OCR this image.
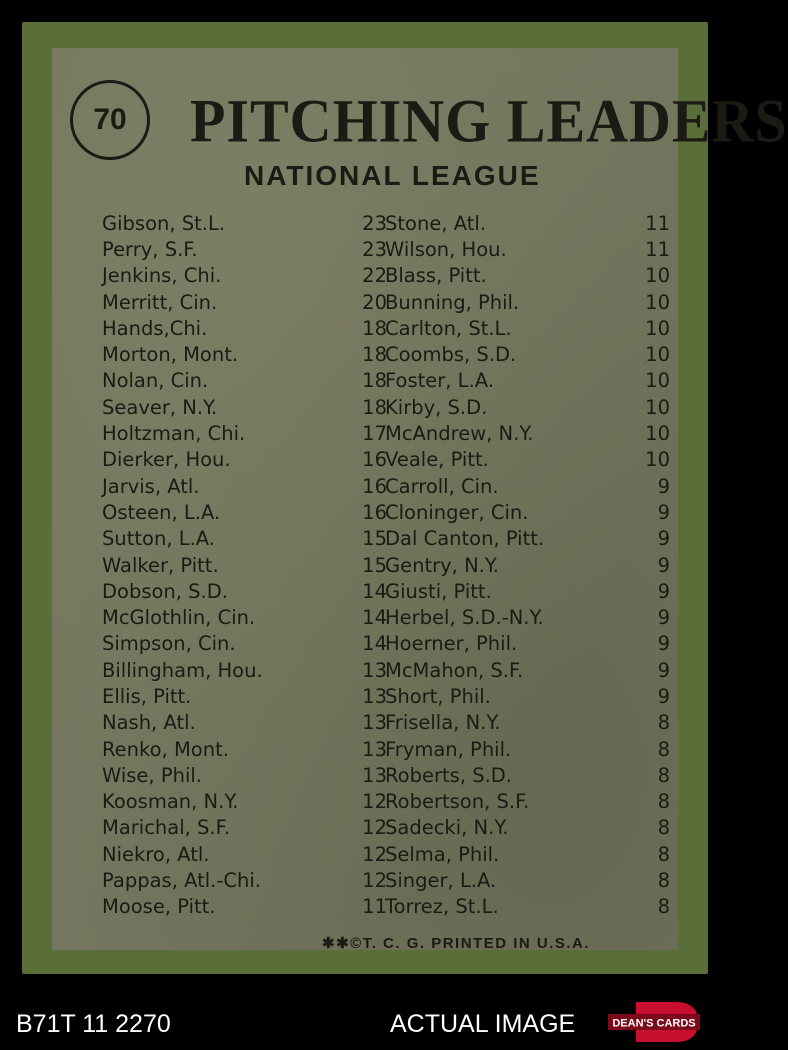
70	PITCHING LEADERS
NATIONAL LEAGUE
Gibson, St.L.	23
Perry, S.F.	23
Jenkins, Chi.	22
Merritt, Cin.	20
Hands,Chi.	18
Morton, Mont.	18
Nolan, Cin.	18
Seaver, N.Y.	18
Holtzman, Chi.	17
Dierker, Hou.	16
Jarvis, Atl.	16
Osteen, L.A.	16
Sutton, L.A.	15
Walker, Pitt.	15
Dobson, S.D.	14
McGlothlin, Cin.	14
Simpson, Cin.	14
Billingham, Hou.	13
Ellis, Pitt.	13
Nash, Atl.	13
Renko, Mont.	13
Wise, Phil.	13
Koosman, N.Y.	12
Marichal, S.F.	12
Niekro, Atl.	12
Pappas, Atl.-Chi.	12
Moose, Pitt.	11
Stone, Atl.	11
Wilson, Hou.	11
Blass, Pitt.	10
Bunning, Phil.	10
Carlton, St.L.	10
Coombs, S.D.	10
Foster, L.A.	10
Kirby, S.D.	10
McAndrew, N.Y.	10
Veale, Pitt.	10
Carroll, Cin.	9
Cloninger, Cin.	9
Dal Canton, Pitt.	9
Gentry, N.Y.	9
Giusti, Pitt.	9
Herbel, S.D.-N.Y.	9
Hoerner, Phil.	9
McMahon, S.F.	9
Short, Phil.	9
Frisella, N.Y.	8
Fryman, Phil.	8
Roberts, S.D.	8
Robertson, S.F.	8
Sadecki, N.Y.	8
Selma, Phil.	8
Singer, L.A.	8
Torrez, St.L.	8
✱✱©T. C. G. PRINTED IN U.S.A.
B71T 11 2270	ACTUAL IMAGE	DEAN'S CARDS
